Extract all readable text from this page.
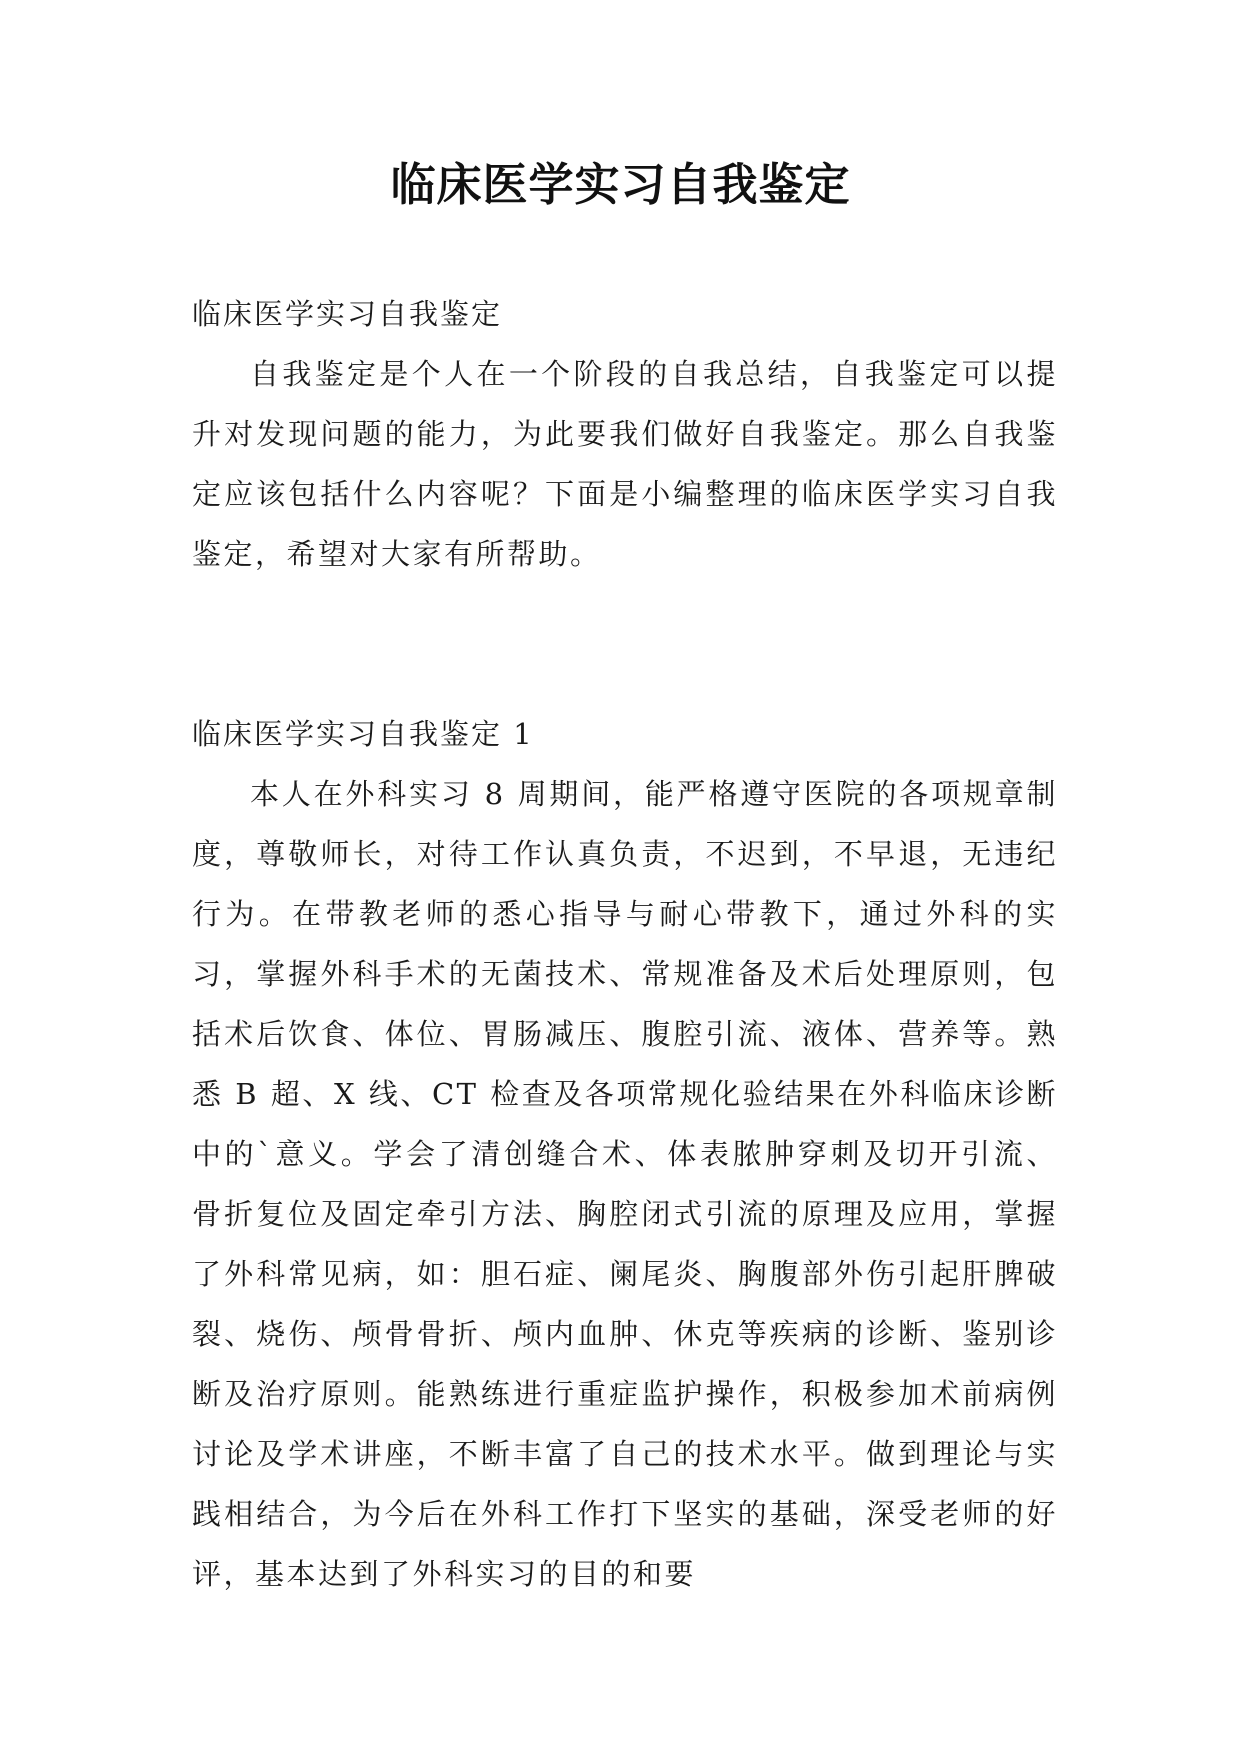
临床医学实习自我鉴定

临床医学实习自我鉴定

自我鉴定是个人在一个阶段的自我总结，自我鉴定可以提升对发现问题的能力，为此要我们做好自我鉴定。那么自我鉴定应该包括什么内容呢？下面是小编整理的临床医学实习自我鉴定，希望对大家有所帮助。

临床医学实习自我鉴定 1

本人在外科实习 8 周期间，能严格遵守医院的各项规章制度，尊敬师长，对待工作认真负责，不迟到，不早退，无违纪行为。在带教老师的悉心指导与耐心带教下，通过外科的实习，掌握外科手术的无菌技术、常规准备及术后处理原则，包括术后饮食、体位、胃肠减压、腹腔引流、液体、营养等。熟悉 B 超、X 线、CT 检查及各项常规化验结果在外科临床诊断中的`意义。学会了清创缝合术、体表脓肿穿刺及切开引流、骨折复位及固定牵引方法、胸腔闭式引流的原理及应用，掌握了外科常见病，如：胆石症、阑尾炎、胸腹部外伤引起肝脾破裂、烧伤、颅骨骨折、颅内血肿、休克等疾病的诊断、鉴别诊断及治疗原则。能熟练进行重症监护操作，积极参加术前病例讨论及学术讲座，不断丰富了自己的技术水平。做到理论与实践相结合，为今后在外科工作打下坚实的基础，深受老师的好评，基本达到了外科实习的目的和要
